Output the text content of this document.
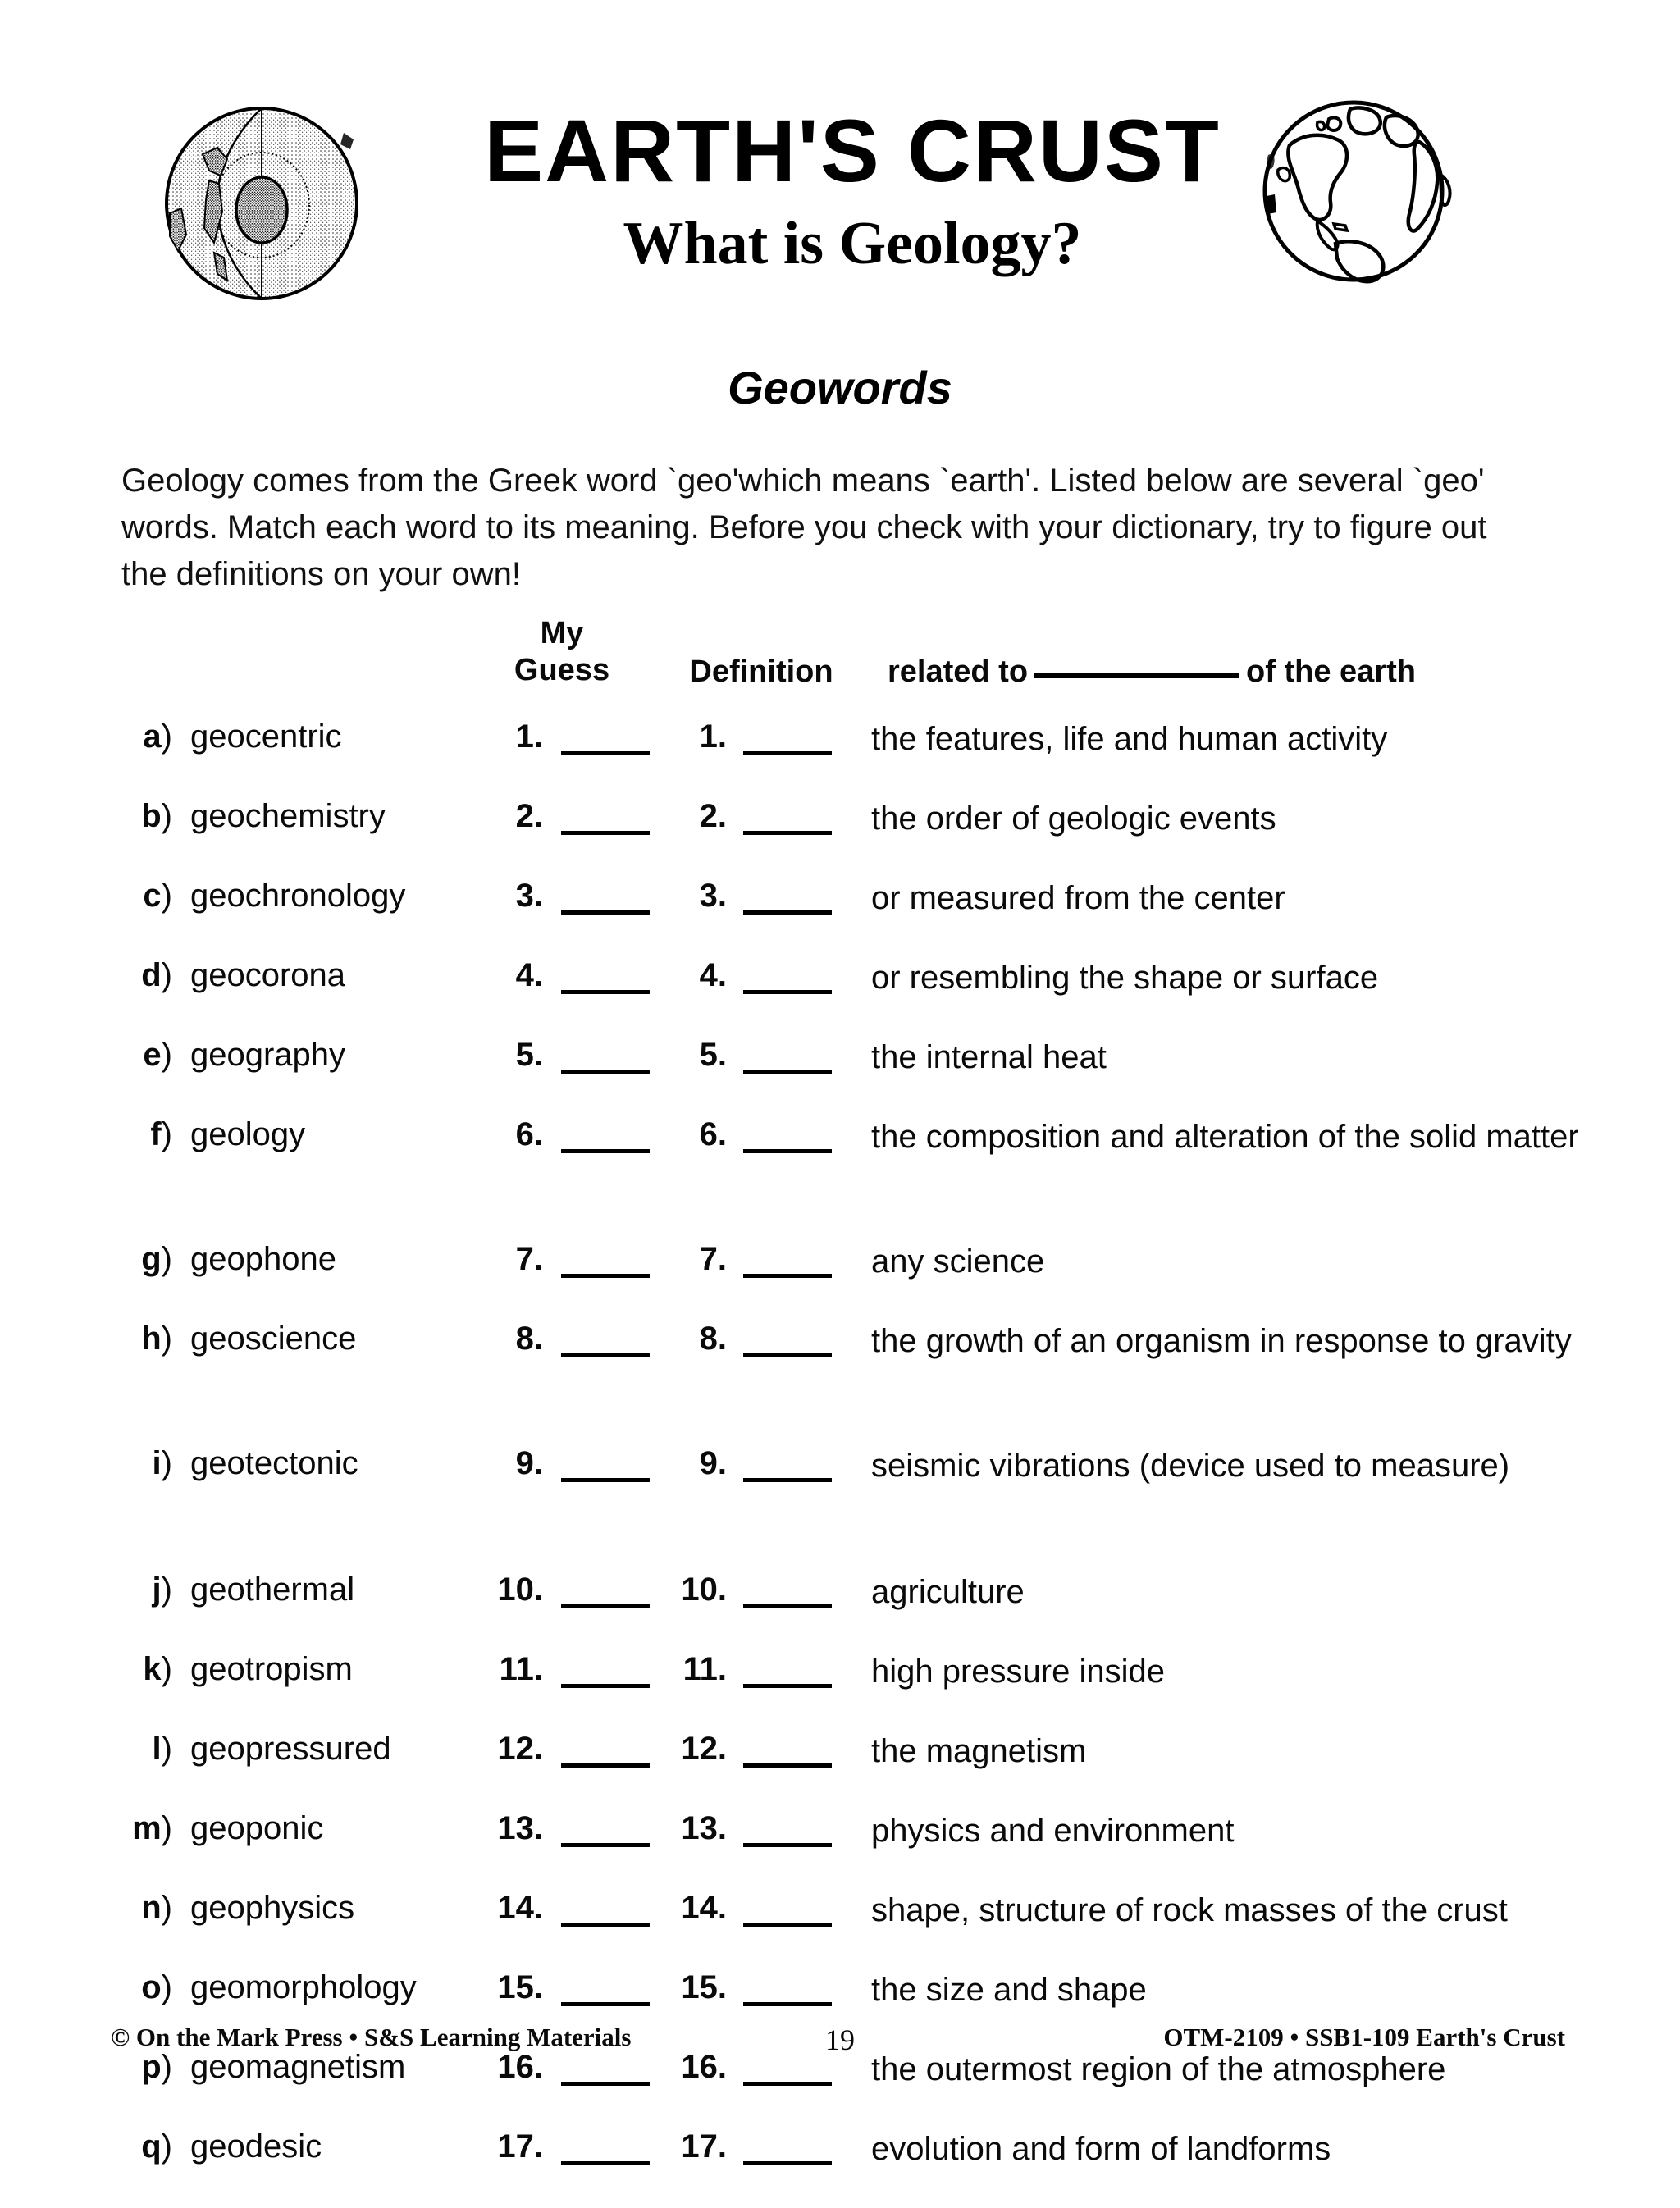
EARTH'S CRUST
What is Geology?
Geowords
Geology comes from the Greek word `geo'which means `earth'. Listed below are several `geo' words. Match each word to its meaning. Before you check with your dictionary, try to figure out the definitions on your own!
My
Guess	Definition	related to	of the earth
a) geocentric	1.	1.	the features, life and human activity
b) geochemistry	2.	2.	the order of geologic events
c) geochronology	3.	3.	or measured from the center
d) geocorona	4.	4.	or resembling the shape or surface
e) geography	5.	5.	the internal heat
f) geology	6.	6.	the composition and alteration of the solid matter
g) geophone	7.	7.	any science
h) geoscience	8.	8.	the growth of an organism in response to gravity
i) geotectonic	9.	9.	seismic vibrations (device used to measure)
j) geothermal	10.	10.	agriculture
k) geotropism	11.	11.	high pressure inside
l) geopressured	12.	12.	the magnetism
m) geoponic	13.	13.	physics and environment
n) geophysics	14.	14.	shape, structure of rock masses of the crust
o) geomorphology	15.	15.	the size and shape
p) geomagnetism	16.	16.	the outermost region of the atmosphere
q) geodesic	17.	17.	evolution and form of landforms
© On the Mark Press • S&S Learning Materials	19	OTM-2109 • SSB1-109 Earth's Crust
